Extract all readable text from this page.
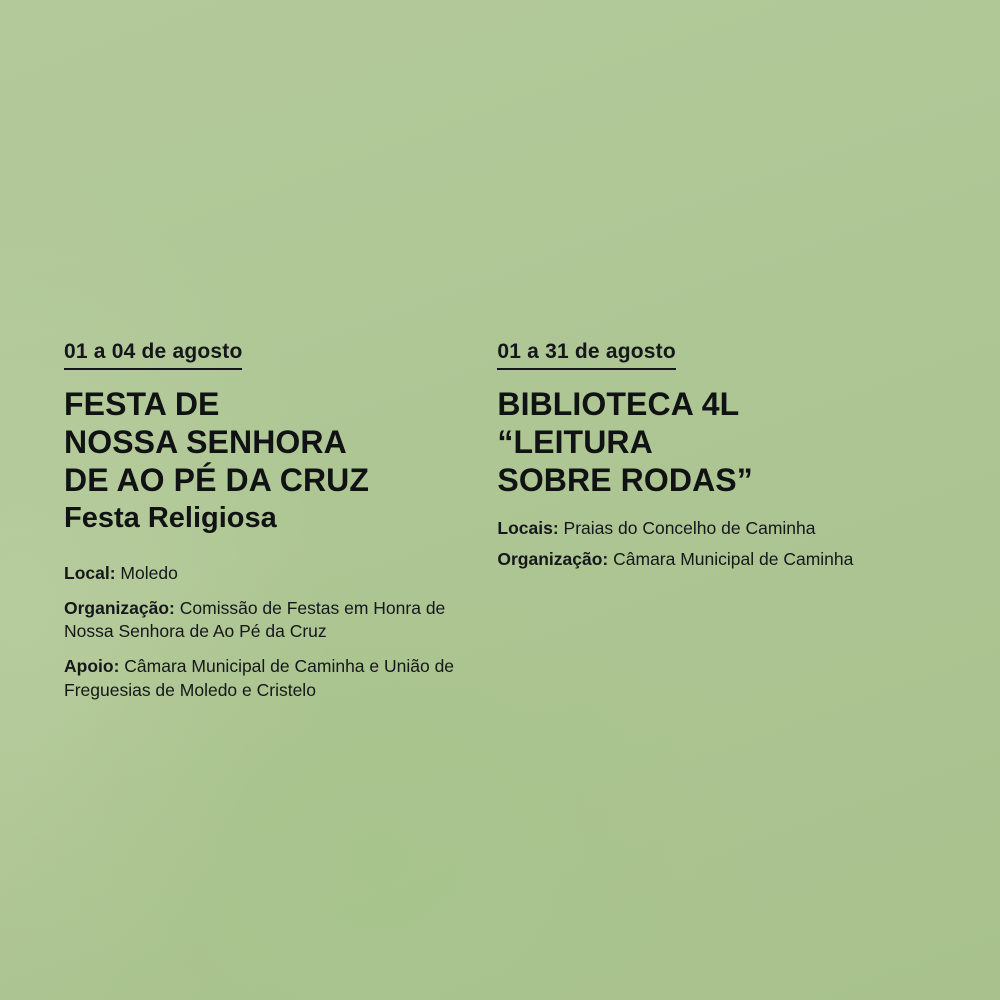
01 a 04 de agosto
FESTA DE
NOSSA SENHORA
DE AO PÉ DA CRUZ
Festa Religiosa
Local: Moledo
Organização: Comissão de Festas em Honra de Nossa Senhora de Ao Pé da Cruz
Apoio: Câmara Municipal de Caminha e União de Freguesias de Moledo e Cristelo
01 a 31 de agosto
BIBLIOTECA 4L
“LEITURA
SOBRE RODAS”
Locais: Praias do Concelho de Caminha
Organização: Câmara Municipal de Caminha
